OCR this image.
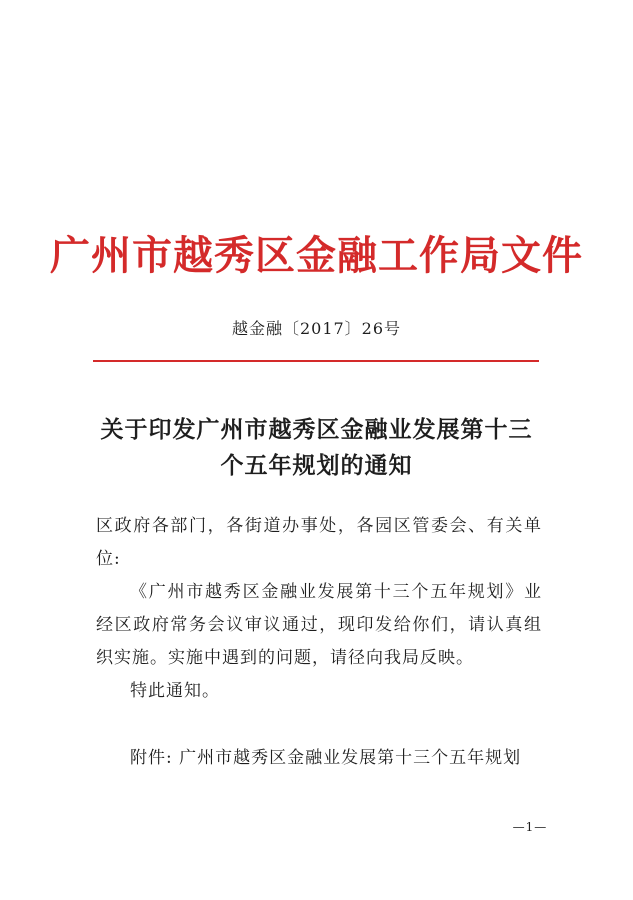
广州市越秀区金融工作局文件
越金融〔2017〕26号
关于印发广州市越秀区金融业发展第十三
个五年规划的通知

区政府各部门，各街道办事处，各园区管委会、有关单位:

《广州市越秀区金融业发展第十三个五年规划》业经区政府常务会议审议通过，现印发给你们，请认真组织实施。实施中遇到的问题，请径向我局反映。

特此通知。

附件: 广州市越秀区金融业发展第十三个五年规划
—1—
